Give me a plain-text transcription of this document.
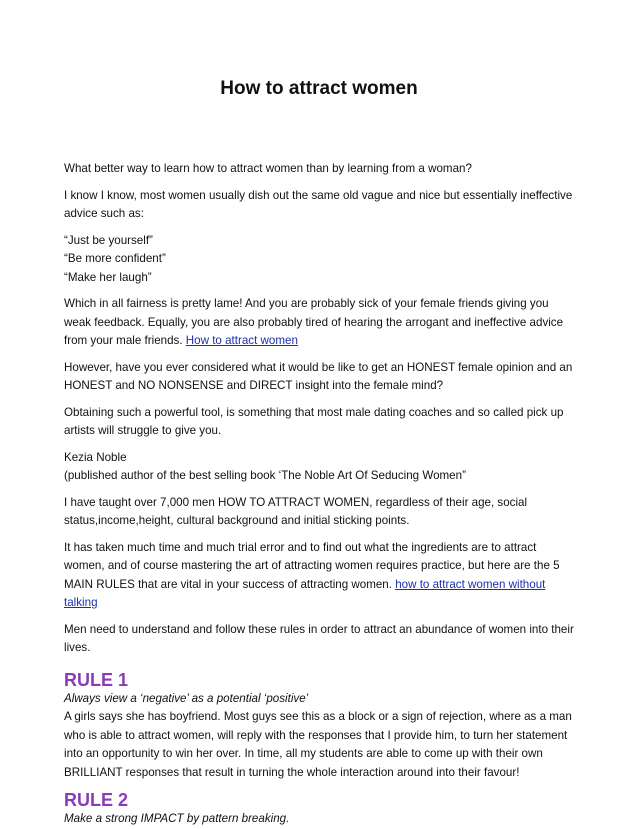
How to attract women

What better way to learn how to attract women than by learning from a woman?

I know I know, most women usually dish out the same old vague and nice but essentially ineffective advice such as:

“Just be yourself”
“Be more confident”
“Make her laugh”

Which in all fairness is pretty lame! And you are probably sick of your female friends giving you weak feedback. Equally, you are also probably tired of hearing the arrogant and ineffective advice from your male friends. How to attract women

However, have you ever considered what it would be like to get an HONEST female opinion and an HONEST and NO NONSENSE and DIRECT insight into the female mind?

Obtaining such a powerful tool, is something that most male dating coaches and so called pick up artists will struggle to give you.

Kezia Noble
(published author of the best selling book ‘The Noble Art Of Seducing Women”

I have taught over 7,000 men HOW TO ATTRACT WOMEN, regardless of their age, social status,income,height, cultural background and initial sticking points.

It has taken much time and much trial error and to find out what the ingredients are to attract women, and of course mastering the art of attracting women requires practice, but here are the 5 MAIN RULES that are vital in your success of attracting women. how to attract women without talking

Men need to understand and follow these rules in order to attract an abundance of women into their lives.

RULE 1
Always view a ‘negative’ as a potential ‘positive’

A girls says she has boyfriend. Most guys see this as a block or a sign of rejection, where as a man who is able to attract women, will reply with the responses that I provide him, to turn her statement into an opportunity to win her over. In time, all my students are able to come up with their own BRILLIANT responses that result in turning the whole interaction around into their favour!

RULE 2
Make a strong IMPACT by pattern breaking.
